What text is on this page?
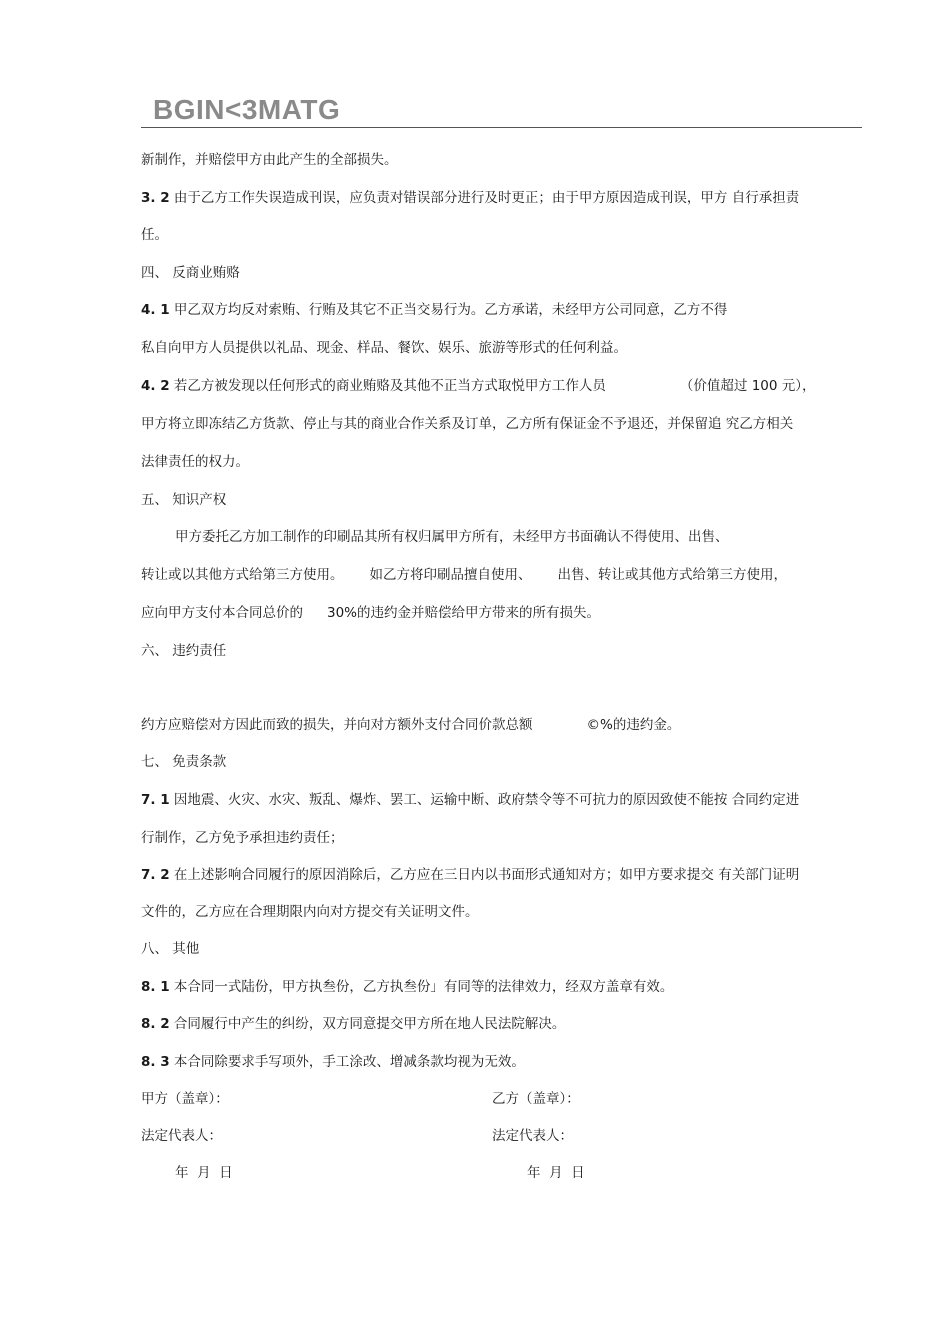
BGIN<3MATG
新制作，并赔偿甲方由此产生的全部损失。
3. 2 由于乙方工作失误造成刊误，应负责对错误部分进行及时更正；由于甲方原因造成刊误，甲方 自行承担责
任。
四、 反商业贿赂
4. 1 甲乙双方均反对索贿、行贿及其它不正当交易行为。乙方承诺，未经甲方公司同意，乙方不得
私自向甲方人员提供以礼品、现金、样品、餐饮、娱乐、旅游等形式的任何利益。
4. 2 若乙方被发现以任何形式的商业贿赂及其他不正当方式取悦甲方工作人员	（价值超过 100 元），
甲方将立即冻结乙方货款、停止与其的商业合作关系及订单，乙方所有保证金不予退还，并保留追 究乙方相关
法律责任的权力。
五、 知识产权
甲方委托乙方加工制作的印刷品其所有权归属甲方所有，未经甲方书面确认不得使用、出售、
转让或以其他方式给第三方使用。 如乙方将印刷品擅自使用、 出售、转让或其他方式给第三方使用，
应向甲方支付本合同总价的 30%的违约金并赔偿给甲方带来的所有损失。
六、 违约责任
约方应赔偿对方因此而致的损失，并向对方额外支付合同价款总额	©%的违约金。
七、 免责条款
7. 1 因地震、火灾、水灾、叛乱、爆炸、罢工、运输中断、政府禁令等不可抗力的原因致使不能按 合同约定进
行制作，乙方免予承担违约责任；
7. 2 在上述影响合同履行的原因消除后，乙方应在三日内以书面形式通知对方；如甲方要求提交 有关部门证明
文件的，乙方应在合理期限内向对方提交有关证明文件。
八、 其他
8. 1 本合同一式陆份，甲方执叁份，乙方执叁份」有同等的法律效力，经双方盖章有效。
8. 2 合同履行中产生的纠纷，双方同意提交甲方所在地人民法院解决。
8. 3 本合同除要求手写项外，手工涂改、增减条款均视为无效。
甲方（盖章）：	乙方（盖章）：
法定代表人：	法定代表人：
年  月  日	年  月  日
